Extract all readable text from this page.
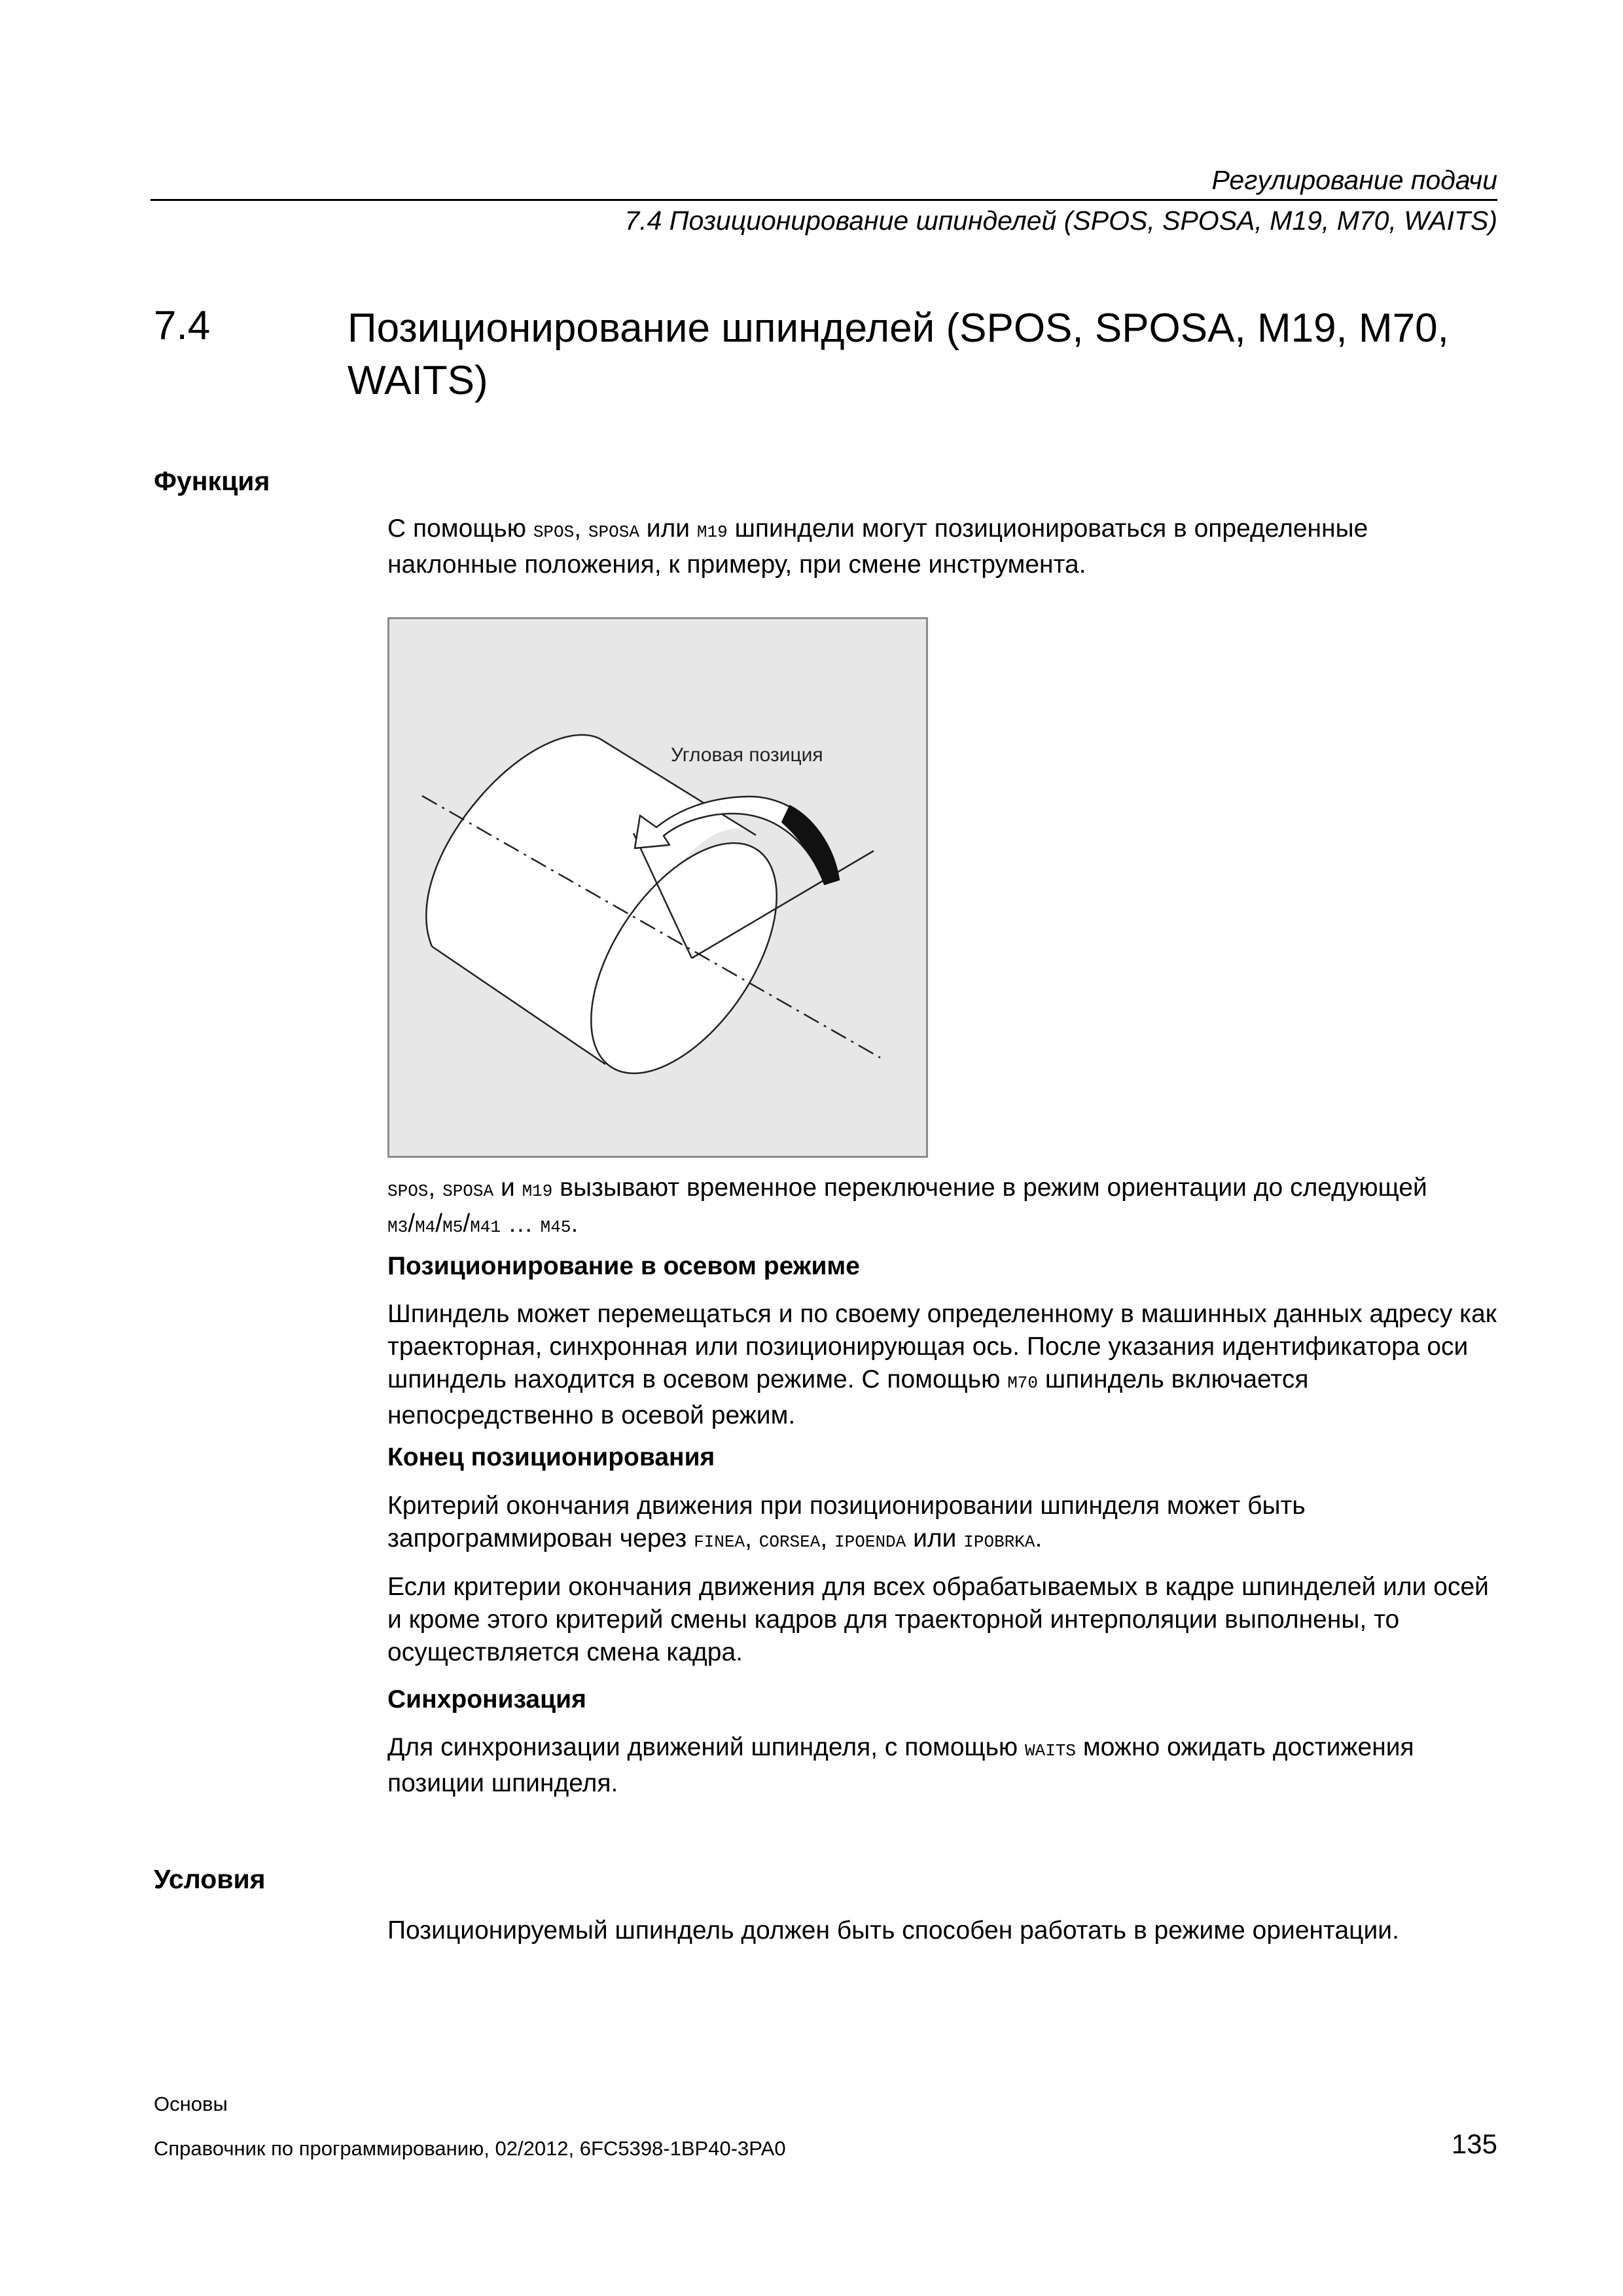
Регулирование подачи
7.4 Позиционирование шпинделей (SPOS, SPOSA, M19, M70, WAITS)
7.4	Позиционирование шпинделей (SPOS, SPOSA, M19, M70, WAITS)
Функция
С помощью SPOS, SPOSA или M19 шпиндели могут позиционироваться в определенные наклонные положения, к примеру, при смене инструмента.
Угловая позиция
SPOS, SPOSA и M19 вызывают временное переключение в режим ориентации до следующей M3/M4/M5/M41 … M45.
Позиционирование в осевом режиме
Шпиндель может перемещаться и по своему определенному в машинных данных адресу как траекторная, синхронная или позиционирующая ось. После указания идентификатора оси шпиндель находится в осевом режиме. С помощью M70 шпиндель включается непосредственно в осевой режим.
Конец позиционирования
Критерий окончания движения при позиционировании шпинделя может быть запрограммирован через FINEA, CORSEA, IPOENDA или IPOBRKA.
Если критерии окончания движения для всех обрабатываемых в кадре шпинделей или осей и кроме этого критерий смены кадров для траекторной интерполяции выполнены, то осуществляется смена кадра.
Синхронизация
Для синхронизации движений шпинделя, с помощью WAITS можно ожидать достижения позиции шпинделя.
Условия
Позиционируемый шпиндель должен быть способен работать в режиме ориентации.
Основы
Справочник по программированию, 02/2012, 6FC5398-1BP40-3PA0	135
